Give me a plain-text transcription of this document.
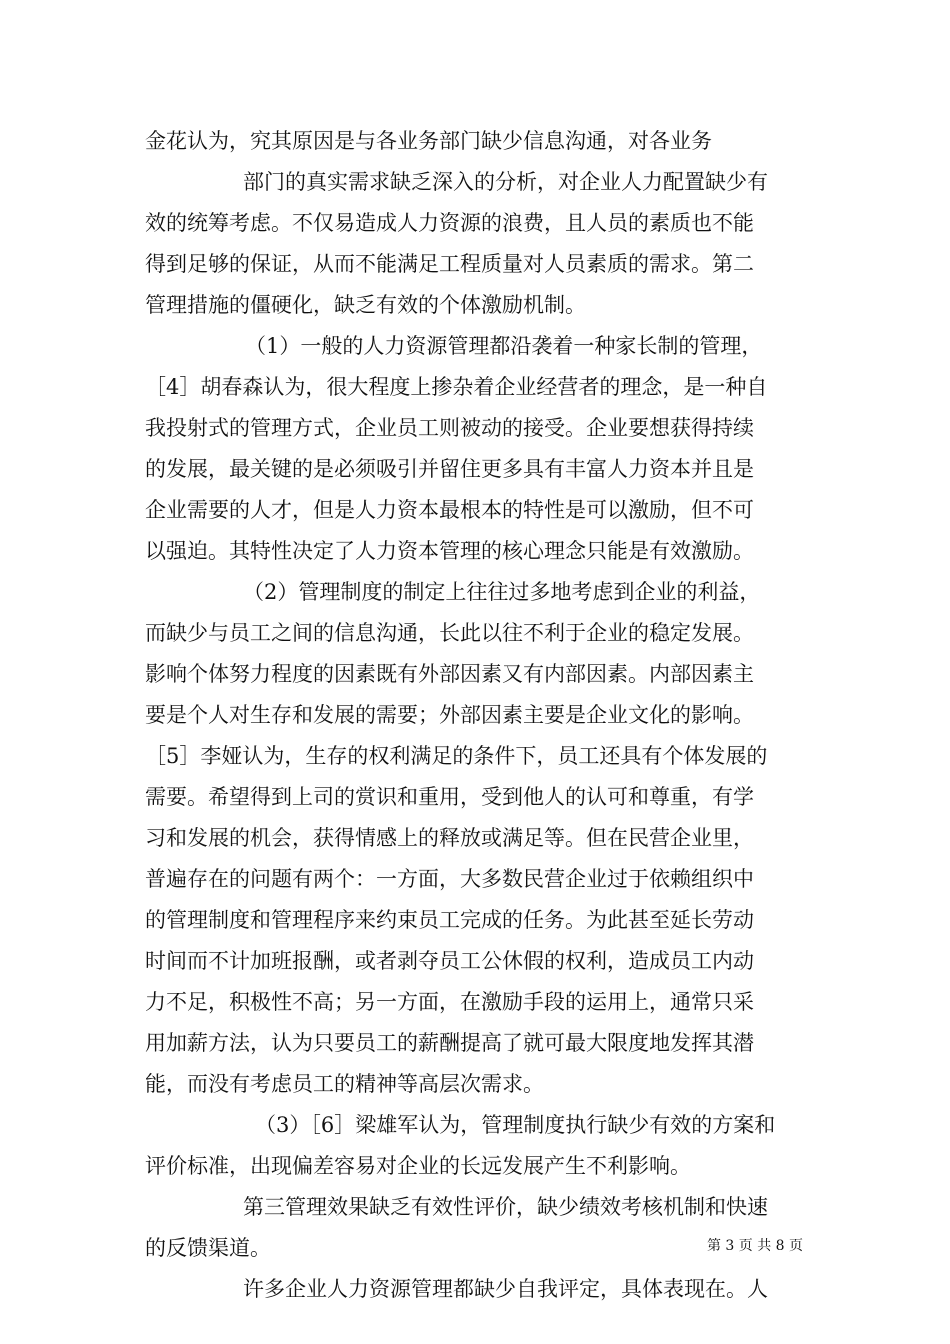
金花认为，究其原因是与各业务部门缺少信息沟通，对各业务
部门的真实需求缺乏深入的分析，对企业人力配置缺少有
效的统筹考虑。不仅易造成人力资源的浪费，且人员的素质也不能
得到足够的保证，从而不能满足工程质量对人员素质的需求。第二
管理措施的僵硬化，缺乏有效的个体激励机制。
（1）一般的人力资源管理都沿袭着一种家长制的管理，
［4］胡春森认为，很大程度上掺杂着企业经营者的理念，是一种自
我投射式的管理方式，企业员工则被动的接受。企业要想获得持续
的发展，最关键的是必须吸引并留住更多具有丰富人力资本并且是
企业需要的人才，但是人力资本最根本的特性是可以激励，但不可
以强迫。其特性决定了人力资本管理的核心理念只能是有效激励。
（2）管理制度的制定上往往过多地考虑到企业的利益，
而缺少与员工之间的信息沟通，长此以往不利于企业的稳定发展。
影响个体努力程度的因素既有外部因素又有内部因素。内部因素主
要是个人对生存和发展的需要；外部因素主要是企业文化的影响。
［5］李娅认为，生存的权利满足的条件下，员工还具有个体发展的
需要。希望得到上司的赏识和重用，受到他人的认可和尊重，有学
习和发展的机会，获得情感上的释放或满足等。但在民营企业里，
普遍存在的问题有两个：一方面，大多数民营企业过于依赖组织中
的管理制度和管理程序来约束员工完成的任务。为此甚至延长劳动
时间而不计加班报酬，或者剥夺员工公休假的权利，造成员工内动
力不足，积极性不高；另一方面，在激励手段的运用上，通常只采
用加薪方法，认为只要员工的薪酬提高了就可最大限度地发挥其潜
能，而没有考虑员工的精神等高层次需求。
（3）［6］梁雄军认为，管理制度执行缺少有效的方案和
评价标准，出现偏差容易对企业的长远发展产生不利影响。
第三管理效果缺乏有效性评价，缺少绩效考核机制和快速
的反馈渠道。
许多企业人力资源管理都缺少自我评定，具体表现在。人
第 3 页 共 8 页
